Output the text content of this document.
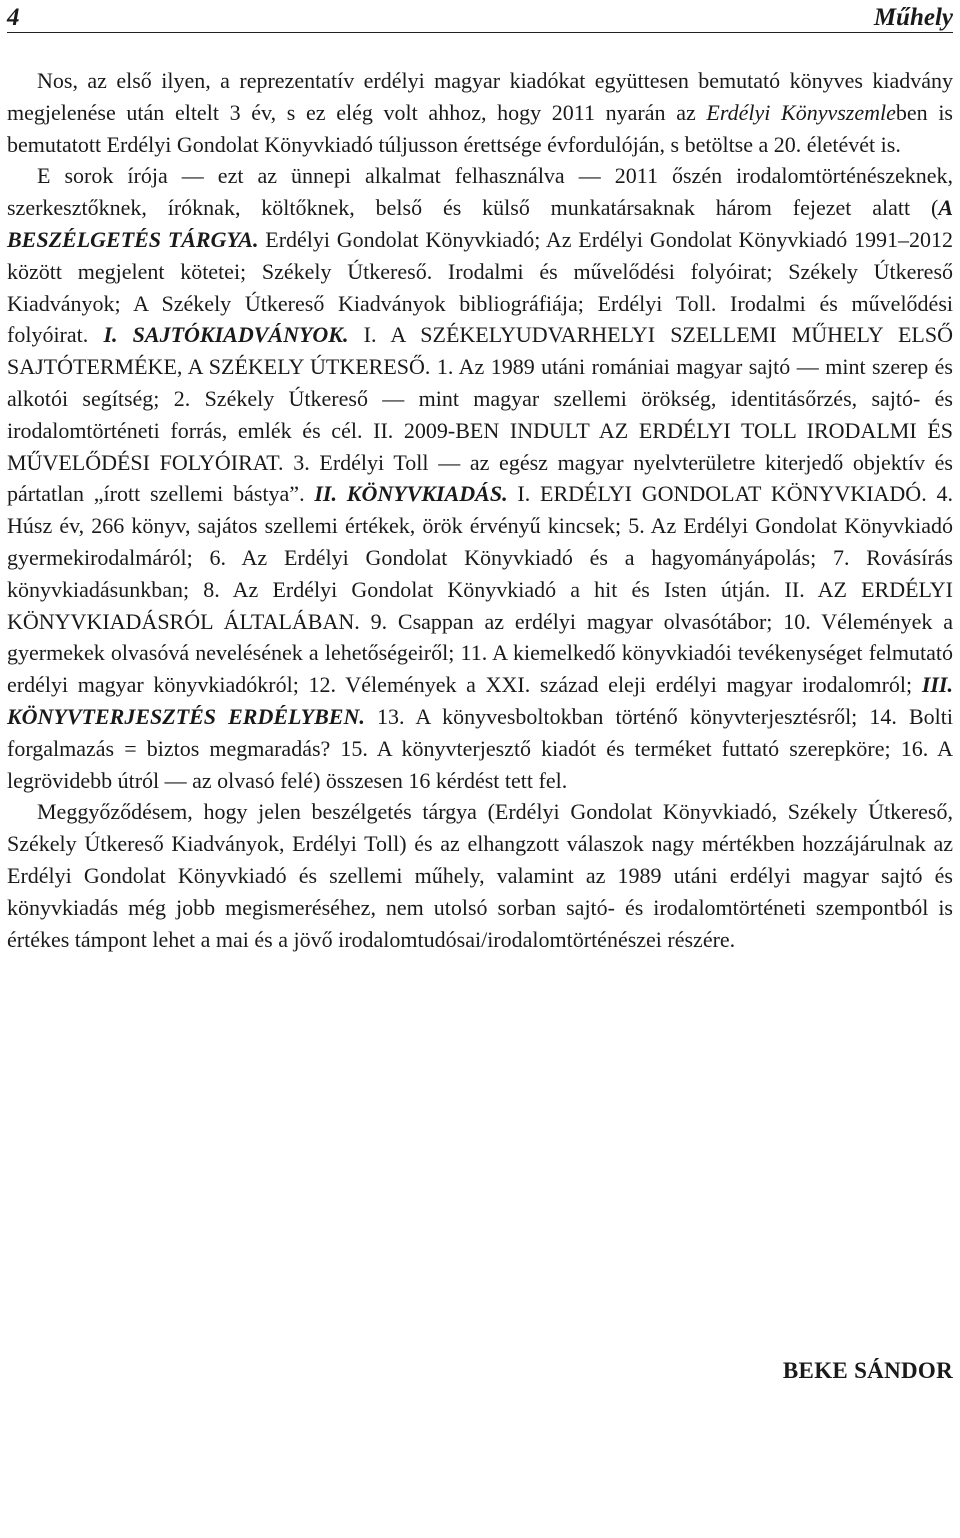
4	Műhely

Nos, az első ilyen, a reprezentatív erdélyi magyar kiadókat együttesen bemutató könyves kiadvány megjelenése után eltelt 3 év, s ez elég volt ahhoz, hogy 2011 nyarán az Erdélyi Könyvszemleben is bemutatott Erdélyi Gondolat Könyvkiadó túljusson érettsége évfordulóján, s betöltse a 20. életévét is.

E sorok írója — ezt az ünnepi alkalmat felhasználva — 2011 őszén irodalomtörténészeknek, szerkesztőknek, íróknak, költőknek, belső és külső munkatársaknak három fejezet alatt (A BESZÉLGETÉS TÁRGYA. Erdélyi Gondolat Könyvkiadó; Az Erdélyi Gondolat Könyvkiadó 1991–2012 között megjelent kötetei; Székely Útkereső. Irodalmi és művelődési folyóirat; Székely Útkereső Kiadványok; A Székely Útkereső Kiadványok bibliográfiája; Erdélyi Toll. Irodalmi és művelődési folyóirat. I. SAJTÓKIADVÁNYOK. I. A SZÉKELYUDVARHELYI SZELLEMI MŰHELY ELSŐ SAJTÓTERMÉKE, A SZÉKELY ÚTKERESŐ. 1. Az 1989 utáni romániai magyar sajtó — mint szerep és alkotói segítség; 2. Székely Útkereső — mint magyar szellemi örökség, identitásőrzés, sajtó- és irodalomtörténeti forrás, emlék és cél. II. 2009-BEN INDULT AZ ERDÉLYI TOLL IRODALMI ÉS MŰVELŐDÉSI FOLYÓIRAT. 3. Erdélyi Toll — az egész magyar nyelvterületre kiterjedő objektív és pártatlan „írott szellemi bástya”. II. KÖNYVKIADÁS. I. ERDÉLYI GONDOLAT KÖNYVKIADÓ. 4. Húsz év, 266 könyv, sajátos szellemi értékek, örök érvényű kincsek; 5. Az Erdélyi Gondolat Könyvkiadó gyermekirodalmáról; 6. Az Erdélyi Gondolat Könyvkiadó és a hagyományápolás; 7. Rovásírás könyvkiadásunkban; 8. Az Erdélyi Gondolat Könyvkiadó a hit és Isten útján. II. AZ ERDÉLYI KÖNYVKIADÁSRÓL ÁLTALÁBAN. 9. Csappan az erdélyi magyar olvasótábor; 10. Vélemények a gyermekek olvasóvá nevelésének a lehetőségeiről; 11. A kiemelkedő könyvkiadói tevékenységet felmutató erdélyi magyar könyvkiadókról; 12. Vélemények a XXI. század eleji erdélyi magyar irodalomról; III. KÖNYVTERJESZTÉS ERDÉLYBEN. 13. A könyvesboltokban történő könyvterjesztésről; 14. Bolti forgalmazás = biztos megmaradás? 15. A könyvterjesztő kiadót és terméket futtató szerepköre; 16. A legrövidebb útról — az olvasó felé) összesen 16 kérdést tett fel.

Meggyőződésem, hogy jelen beszélgetés tárgya (Erdélyi Gondolat Könyvkiadó, Székely Útkereső, Székely Útkereső Kiadványok, Erdélyi Toll) és az elhangzott válaszok nagy mértékben hozzájárulnak az Erdélyi Gondolat Könyvkiadó és szellemi műhely, valamint az 1989 utáni erdélyi magyar sajtó és könyvkiadás még jobb megismeréséhez, nem utolsó sorban sajtó- és irodalomtörténeti szempontból is értékes támpont lehet a mai és a jövő irodalomtudósai/irodalomtörténészei részére.

BEKE SÁNDOR
